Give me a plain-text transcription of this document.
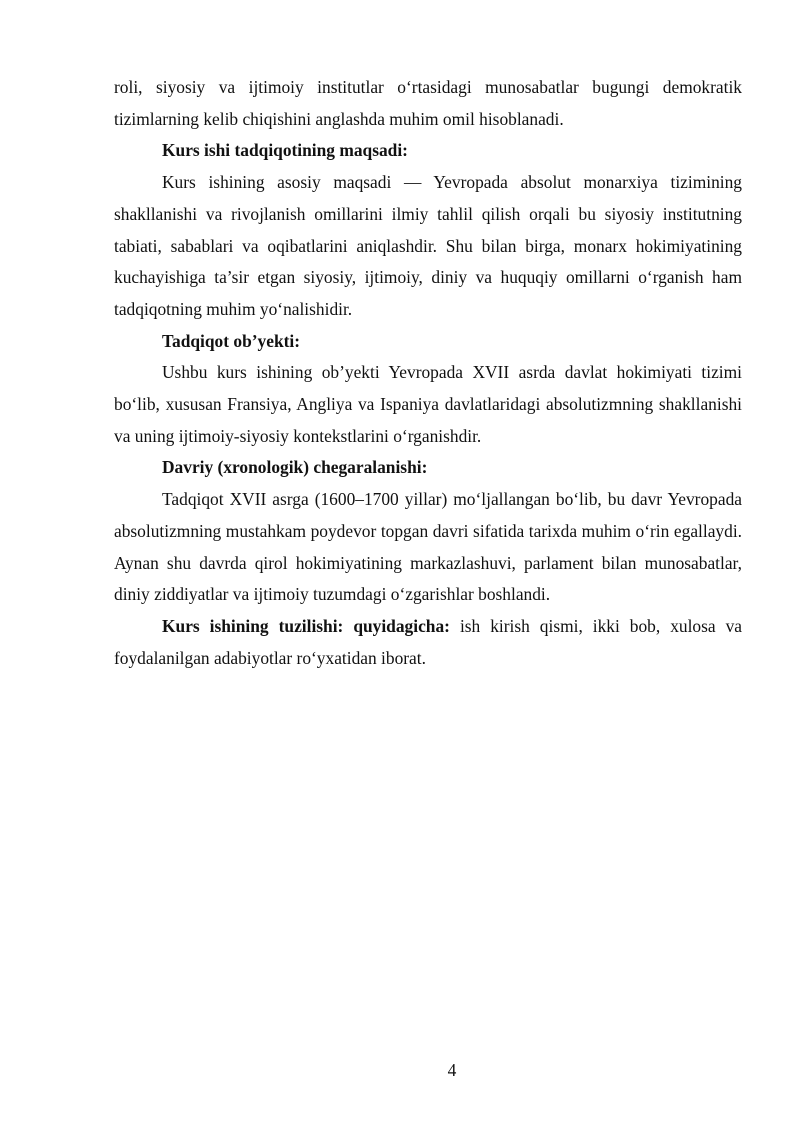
roli, siyosiy va ijtimoiy institutlar o‘rtasidagi munosabatlar bugungi demokratik tizimlarning kelib chiqishini anglashda muhim omil hisoblanadi.

Kurs ishi tadqiqotining maqsadi:

Kurs ishining asosiy maqsadi — Yevropada absolut monarxiya tizimining shakllanishi va rivojlanish omillarini ilmiy tahlil qilish orqali bu siyosiy institutning tabiati, sabablari va oqibatlarini aniqlashdir. Shu bilan birga, monarx hokimiyatining kuchayishiga ta’sir etgan siyosiy, ijtimoiy, diniy va huquqiy omillarni o‘rganish ham tadqiqotning muhim yo‘nalishidir.

Tadqiqot ob’yekti:

Ushbu kurs ishining ob’yekti Yevropada XVII asrda davlat hokimiyati tizimi bo‘lib, xususan Fransiya, Angliya va Ispaniya davlatlaridagi absolutizmning shakllanishi va uning ijtimoiy-siyosiy kontekstlarini o‘rganishdir.

Davriy (xronologik) chegaralanishi:

Tadqiqot XVII asrga (1600–1700 yillar) mo‘ljallangan bo‘lib, bu davr Yevropada absolutizmning mustahkam poydevor topgan davri sifatida tarixda muhim o‘rin egallaydi. Aynan shu davrda qirol hokimiyatining markazlashuvi, parlament bilan munosabatlar, diniy ziddiyatlar va ijtimoiy tuzumdagi o‘zgarishlar boshlandi.

Kurs ishining tuzilishi: quyidagicha: ish kirish qismi, ikki bob, xulosa va foydalanilgan adabiyotlar ro‘yxatidan iborat.

4
